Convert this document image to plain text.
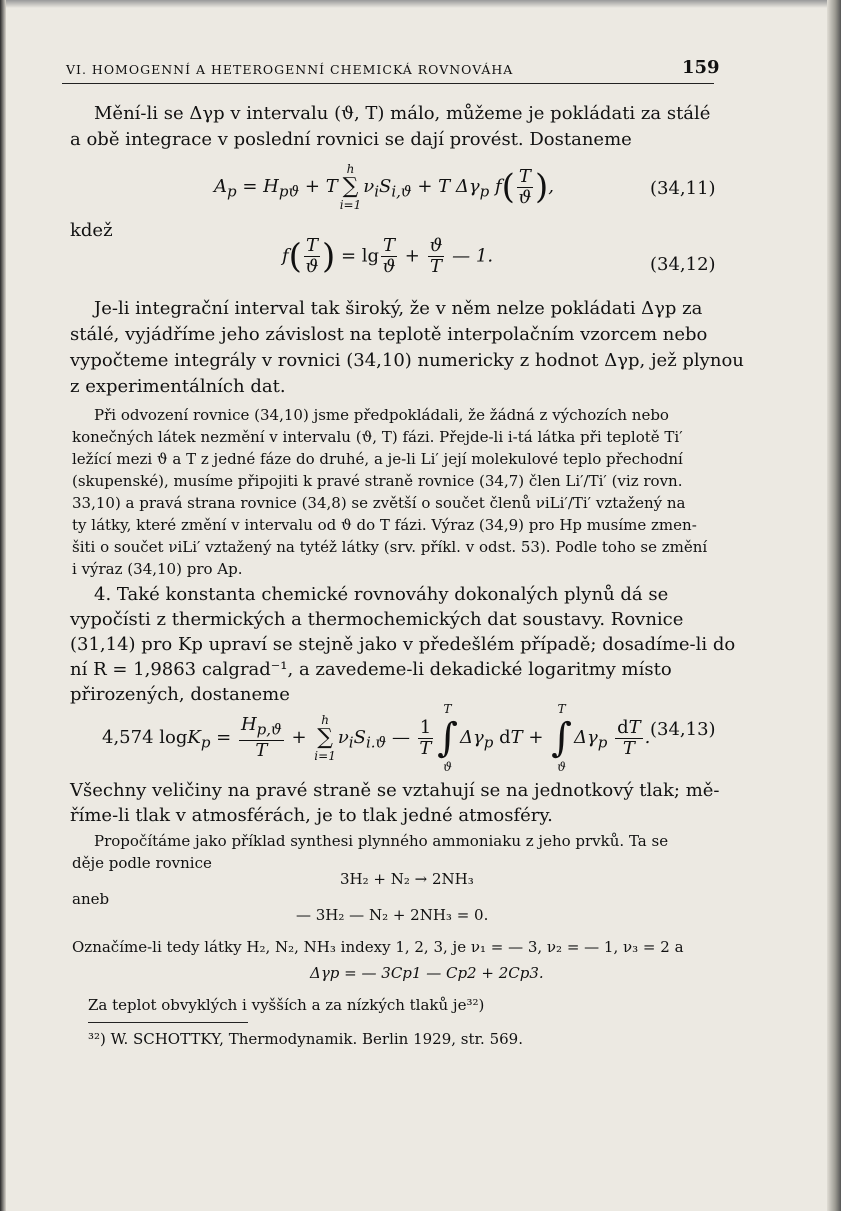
VI. HOMOGENNÍ A HETEROGENNÍ CHEMICKÁ ROVNOVÁHA	159
Mění-li se Δγp v intervalu (ϑ, T) málo, můžeme je pokládati za stálé
a obě integrace v poslední rovnici se dají provést. Dostaneme
$A_p = H_{pϑ} + T$
h
∑
i=1
$\nu_iS_{i,ϑ} + T$ $\Delta\gamma_p$ $f( \frac{T}{ϑ}$ ),	(34,11)
kdež
$f( \frac{T}{ϑ}$ ) = $\lg \frac{T}{ϑ} + \frac{ϑ}{T}$ — 1.	(34,12)
Je-li integrační interval tak široký, že v něm nelze pokládati Δγp za
stálé, vyjádříme jeho závislost na teplotě interpolačním vzorcem nebo
vypočteme integrály v rovnici (34,10) numericky z hodnot Δγp, jež plynou
z experimentálních dat.
Při odvození rovnice (34,10) jsme předpokládali, že žádná z výchozích nebo
konečných látek nezmění v intervalu (ϑ, T) fázi. Přejde-li i-tá látka při teplotě Ti′
ležící mezi ϑ a T z jedné fáze do druhé, a je-li Li′ její molekulové teplo přechodní
(skupenské), musíme připojiti k pravé straně rovnice (34,7) člen Li′/Ti′ (viz rovn.
33,10) a pravá strana rovnice (34,8) se zvětší o součet členů νiLi′/Ti′ vztažený na
ty látky, které změní v intervalu od ϑ do T fázi. Výraz (34,9) pro Hp musíme zmen-
šiti o součet νiLi′ vztažený na tytéž látky (srv. příkl. v odst. 53). Podle toho se změní
i výraz (34,10) pro Ap.
4. Také konstanta chemické rovnováhy dokonalých plynů dá se
vypočísti z thermických a thermochemických dat soustavy. Rovnice
(31,14) pro Kp upraví se stejně jako v předešlém případě; dosadíme-li do
ní R = 1,9863 calgrad⁻¹, a zavedeme-li dekadické logaritmy místo
přirozených, dostaneme
4,574 $\log K_p = \frac{H_{p,ϑ}}{T}$ +
h
∑
i=1
$\nu_iS_{i.ϑ}$ — $\frac{1}{T}$
T
∫
ϑ
$\Delta\gamma_p$ dT +
T
∫
ϑ
$\Delta\gamma_p \frac{dT}{T}$ . (34,13)
Všechny veličiny na pravé straně se vztahují se na jednotkový tlak; mě-
říme-li tlak v atmosférách, je to tlak jedné atmosféry.
Propočítáme jako příklad synthesi plynného ammoniaku z jeho prvků. Ta se
děje podle rovnice
3H₂ + N₂ → 2NH₃
aneb
— 3H₂ — N₂ + 2NH₃ = 0.
Označíme-li tedy látky H₂, N₂, NH₃ indexy 1, 2, 3, je ν₁ = — 3, ν₂ = — 1, ν₃ = 2 a
Δγp = — 3Cp1 — Cp2 + 2Cp3.
Za teplot obvyklých i vyšších a za nízkých tlaků je³²)
³²) W. SCHOTTKY, Thermodynamik. Berlin 1929, str. 569.
